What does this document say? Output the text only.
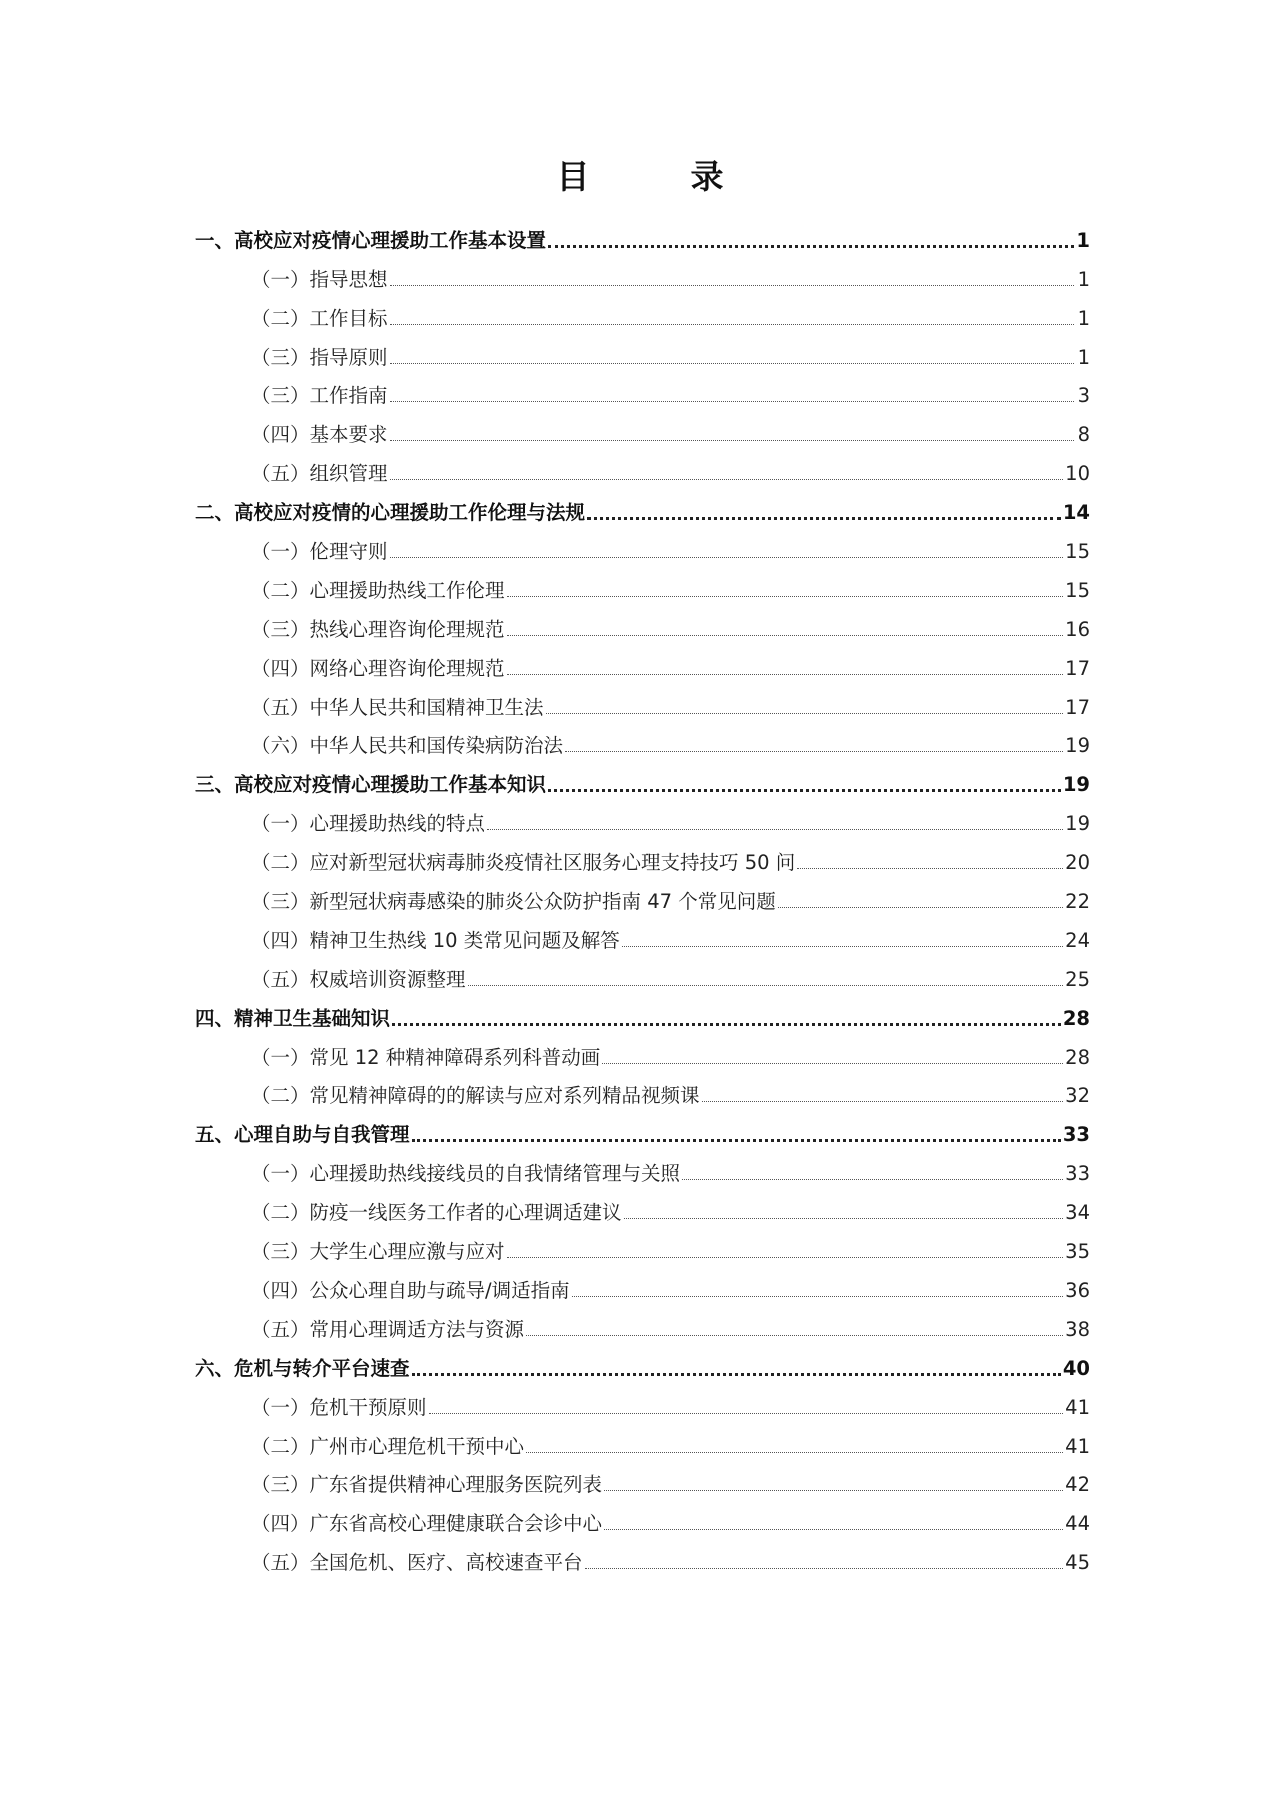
目　录
一、高校应对疫情心理援助工作基本设置	1
（一）指导思想	1
（二）工作目标	1
（三）指导原则	1
（三）工作指南	3
（四）基本要求	8
（五）组织管理	10
二、高校应对疫情的心理援助工作伦理与法规	14
（一）伦理守则	15
（二）心理援助热线工作伦理	15
（三）热线心理咨询伦理规范	16
（四）网络心理咨询伦理规范	17
（五）中华人民共和国精神卫生法	17
（六）中华人民共和国传染病防治法	19
三、高校应对疫情心理援助工作基本知识	19
（一）心理援助热线的特点	19
（二）应对新型冠状病毒肺炎疫情社区服务心理支持技巧 50 问	20
（三）新型冠状病毒感染的肺炎公众防护指南 47 个常见问题	22
（四）精神卫生热线 10 类常见问题及解答	24
（五）权威培训资源整理	25
四、精神卫生基础知识	28
（一）常见 12 种精神障碍系列科普动画	28
（二）常见精神障碍的的解读与应对系列精品视频课	32
五、心理自助与自我管理	33
（一）心理援助热线接线员的自我情绪管理与关照	33
（二）防疫一线医务工作者的心理调适建议	34
（三）大学生心理应激与应对	35
（四）公众心理自助与疏导/调适指南	36
（五）常用心理调适方法与资源	38
六、危机与转介平台速查	40
（一）危机干预原则	41
（二）广州市心理危机干预中心	41
（三）广东省提供精神心理服务医院列表	42
（四）广东省高校心理健康联合会诊中心	44
（五）全国危机、医疗、高校速查平台	45
